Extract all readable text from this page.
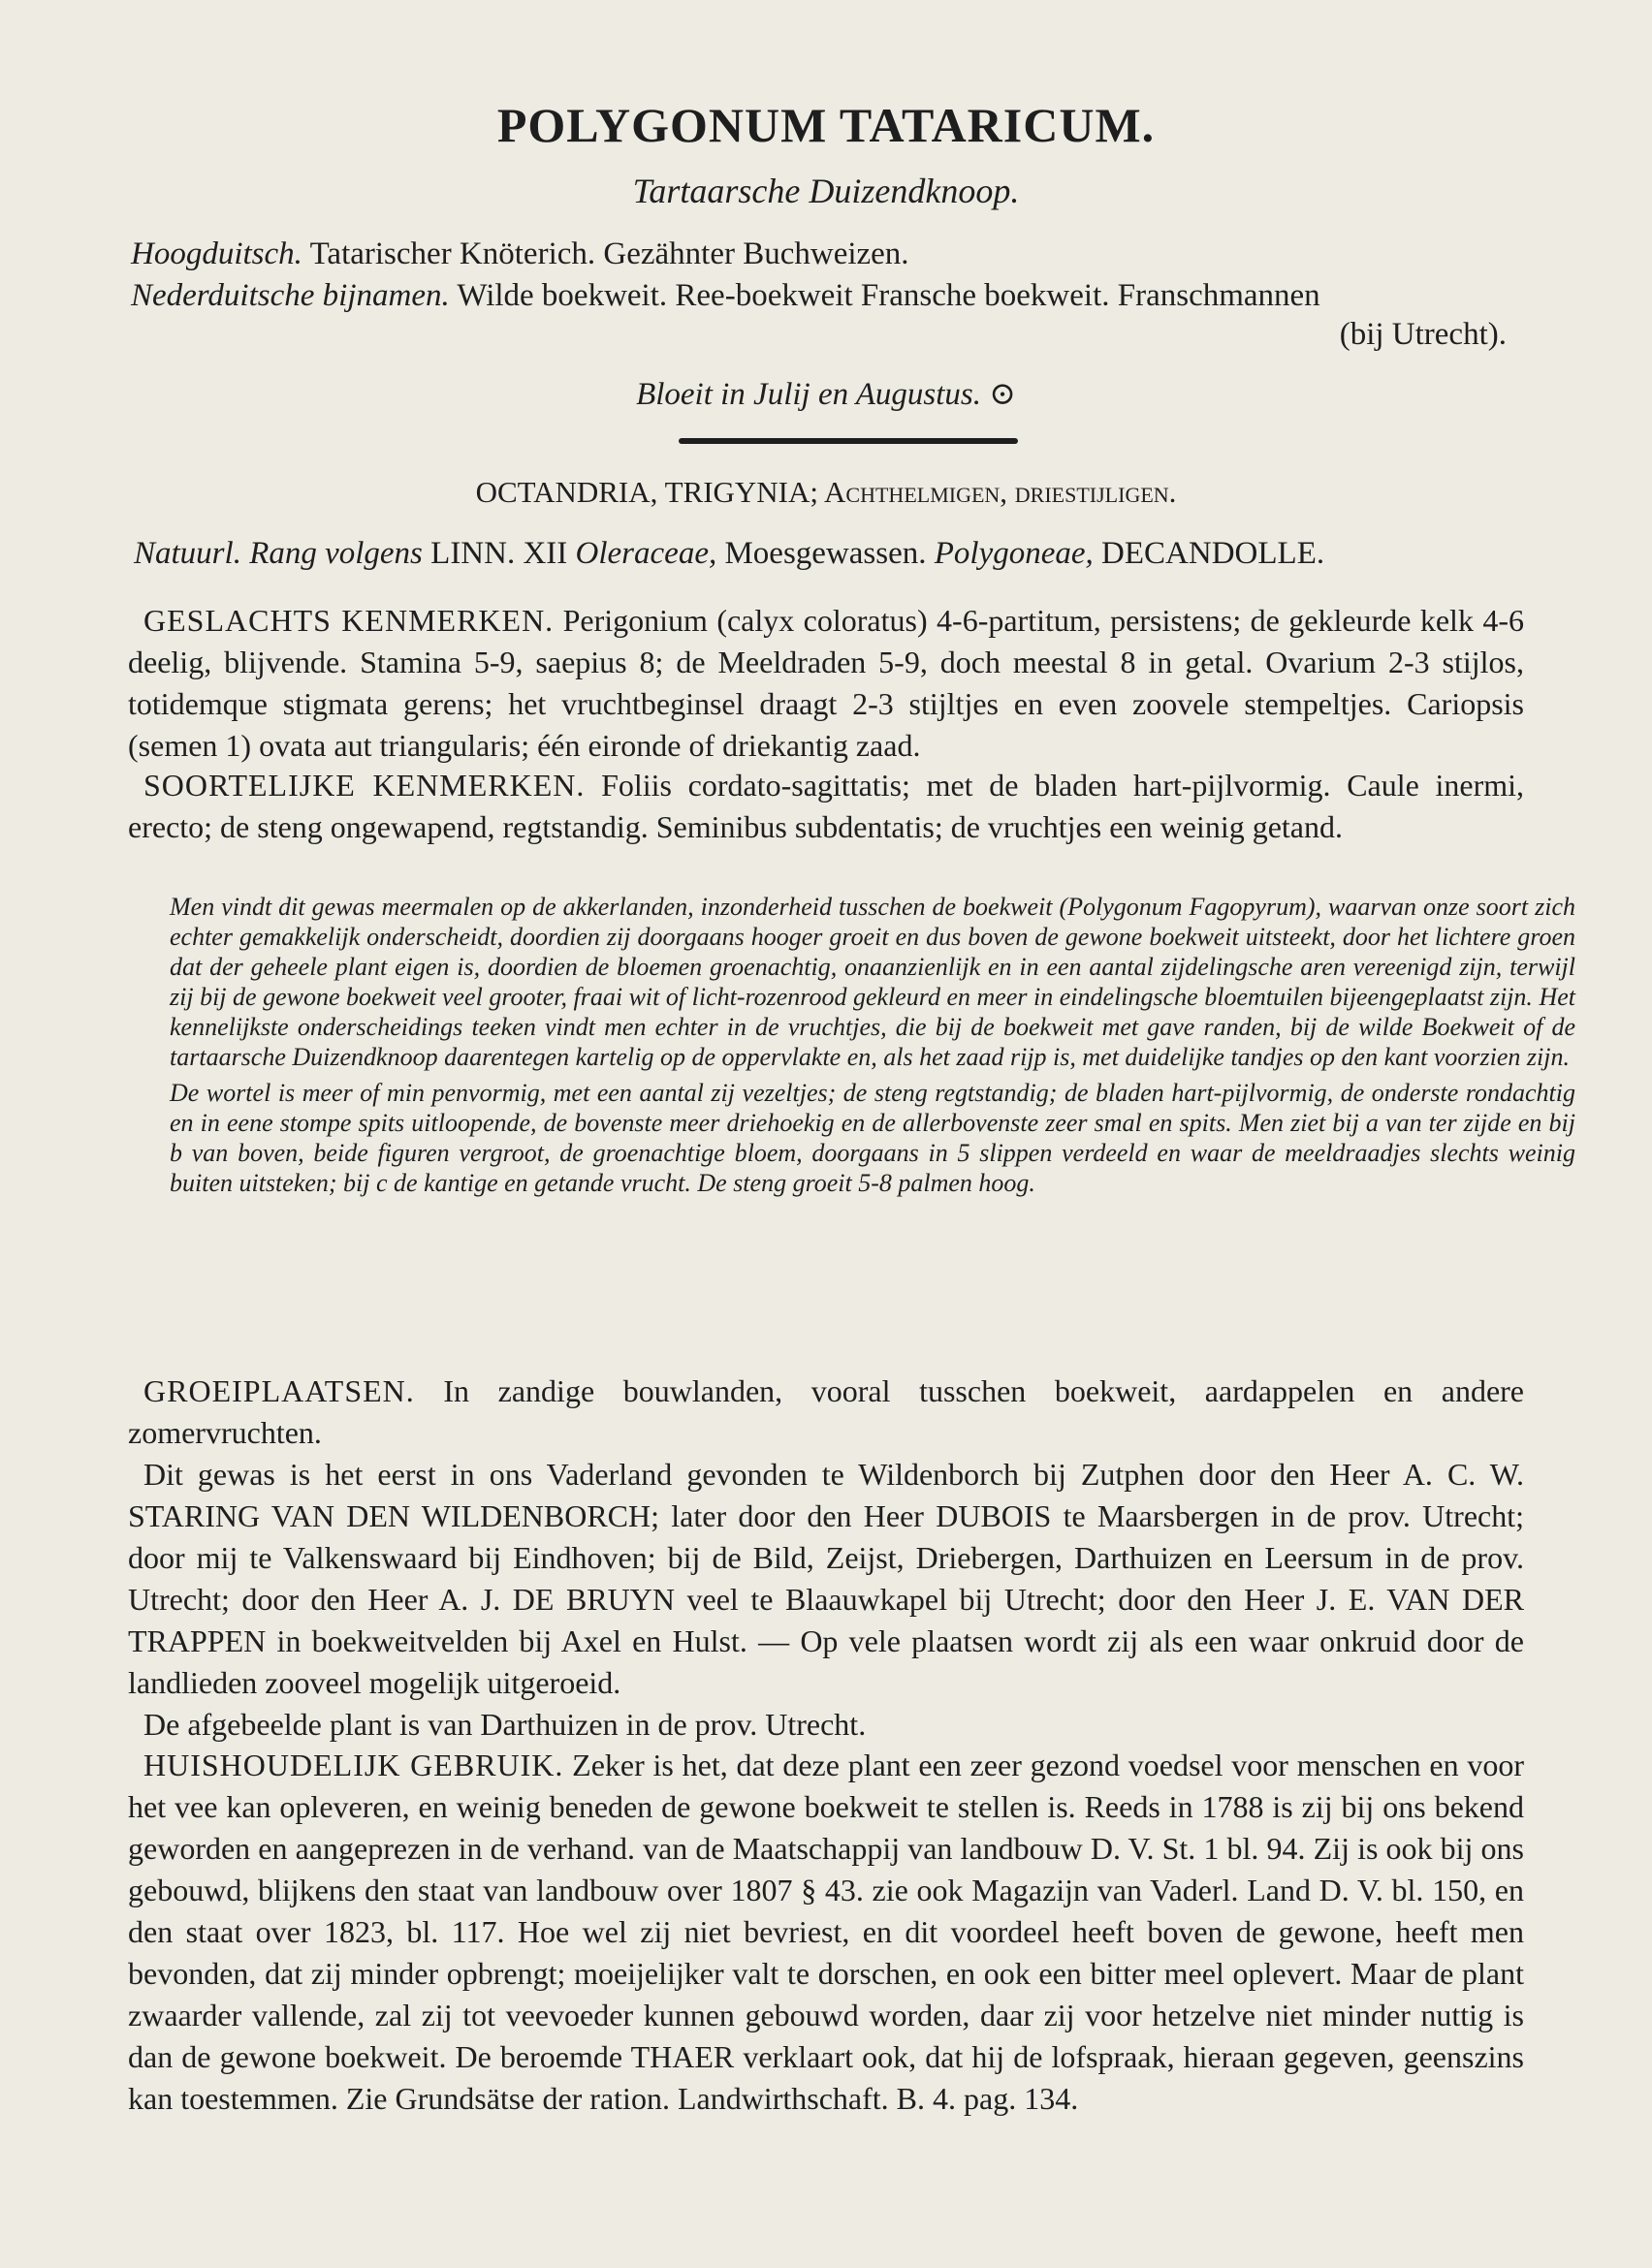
POLYGONUM TATARICUM.
Tartaarsche Duizendknoop.
Hoogduitsch. Tatarischer Knöterich. Gezähnter Buchweizen.
Nederduitsche bijnamen. Wilde boekweit. Ree-boekweit Fransche boekweit. Franschmannen
(bij Utrecht).
Bloeit in Julij en Augustus. ⊙
OCTANDRIA, TRIGYNIA; Achthelmigen, driestijligen.
Natuurl. Rang volgens LINN. XII Oleraceae, Moesgewassen. Polygoneae, DECANDOLLE.
GESLACHTS KENMERKEN. Perigonium (calyx coloratus) 4-6-partitum, persistens; de gekleurde kelk 4-6 deelig, blijvende. Stamina 5-9, saepius 8; de Meeldraden 5-9, doch meestal 8 in getal. Ovarium 2-3 stijlos, totidemque stigmata gerens; het vruchtbeginsel draagt 2-3 stijltjes en even zoovele stempeltjes. Cariopsis (semen 1) ovata aut triangularis; één eironde of driekantig zaad.
SOORTELIJKE KENMERKEN. Foliis cordato-sagittatis; met de bladen hart-pijlvormig. Caule inermi, erecto; de steng ongewapend, regtstandig. Seminibus subdentatis; de vruchtjes een weinig getand.

Men vindt dit gewas meermalen op de akkerlanden, inzonderheid tusschen de boekweit (Polygonum Fagopyrum), waarvan onze soort zich echter gemakkelijk onderscheidt, doordien zij doorgaans hooger groeit en dus boven de gewone boekweit uitsteekt, door het lichtere groen dat der geheele plant eigen is, doordien de bloemen groenachtig, onaanzienlijk en in een aantal zijdelingsche aren vereenigd zijn, terwijl zij bij de gewone boekweit veel grooter, fraai wit of licht-rozenrood gekleurd en meer in eindelingsche bloemtuilen bijeengeplaatst zijn. Het kennelijkste onderscheidings teeken vindt men echter in de vruchtjes, die bij de boekweit met gave randen, bij de wilde Boekweit of de tartaarsche Duizendknoop daarentegen kartelig op de oppervlakte en, als het zaad rijp is, met duidelijke tandjes op den kant voorzien zijn.

De wortel is meer of min penvormig, met een aantal zij vezeltjes; de steng regtstandig; de bladen hart-pijlvormig, de onderste rondachtig en in eene stompe spits uitloopende, de bovenste meer driehoekig en de allerbovenste zeer smal en spits. Men ziet bij a van ter zijde en bij b van boven, beide figuren vergroot, de groenachtige bloem, doorgaans in 5 slippen verdeeld en waar de meeldraadjes slechts weinig buiten uitsteken; bij c de kantige en getande vrucht. De steng groeit 5-8 palmen hoog.

GROEIPLAATSEN. In zandige bouwlanden, vooral tusschen boekweit, aardappelen en andere zomervruchten.

Dit gewas is het eerst in ons Vaderland gevonden te Wildenborch bij Zutphen door den Heer A. C. W. STARING VAN DEN WILDENBORCH; later door den Heer DUBOIS te Maarsbergen in de prov. Utrecht; door mij te Valkenswaard bij Eindhoven; bij de Bild, Zeijst, Driebergen, Darthuizen en Leersum in de prov. Utrecht; door den Heer A. J. DE BRUYN veel te Blaauwkapel bij Utrecht; door den Heer J. E. VAN DER TRAPPEN in boekweitvelden bij Axel en Hulst. — Op vele plaatsen wordt zij als een waar onkruid door de landlieden zooveel mogelijk uitgeroeid.

De afgebeelde plant is van Darthuizen in de prov. Utrecht.

HUISHOUDELIJK GEBRUIK. Zeker is het, dat deze plant een zeer gezond voedsel voor menschen en voor het vee kan opleveren, en weinig beneden de gewone boekweit te stellen is. Reeds in 1788 is zij bij ons bekend geworden en aangeprezen in de verhand. van de Maatschappij van landbouw D. V. St. 1 bl. 94. Zij is ook bij ons gebouwd, blijkens den staat van landbouw over 1807 § 43. zie ook Magazijn van Vaderl. Land D. V. bl. 150, en den staat over 1823, bl. 117. Hoe wel zij niet bevriest, en dit voordeel heeft boven de gewone, heeft men bevonden, dat zij minder opbrengt; moeijelijker valt te dorschen, en ook een bitter meel oplevert. Maar de plant zwaarder vallende, zal zij tot veevoeder kunnen gebouwd worden, daar zij voor hetzelve niet minder nuttig is dan de gewone boekweit. De beroemde THAER verklaart ook, dat hij de lofspraak, hieraan gegeven, geenszins kan toestemmen. Zie Grundsätse der ration. Landwirthschaft. B. 4. pag. 134.
